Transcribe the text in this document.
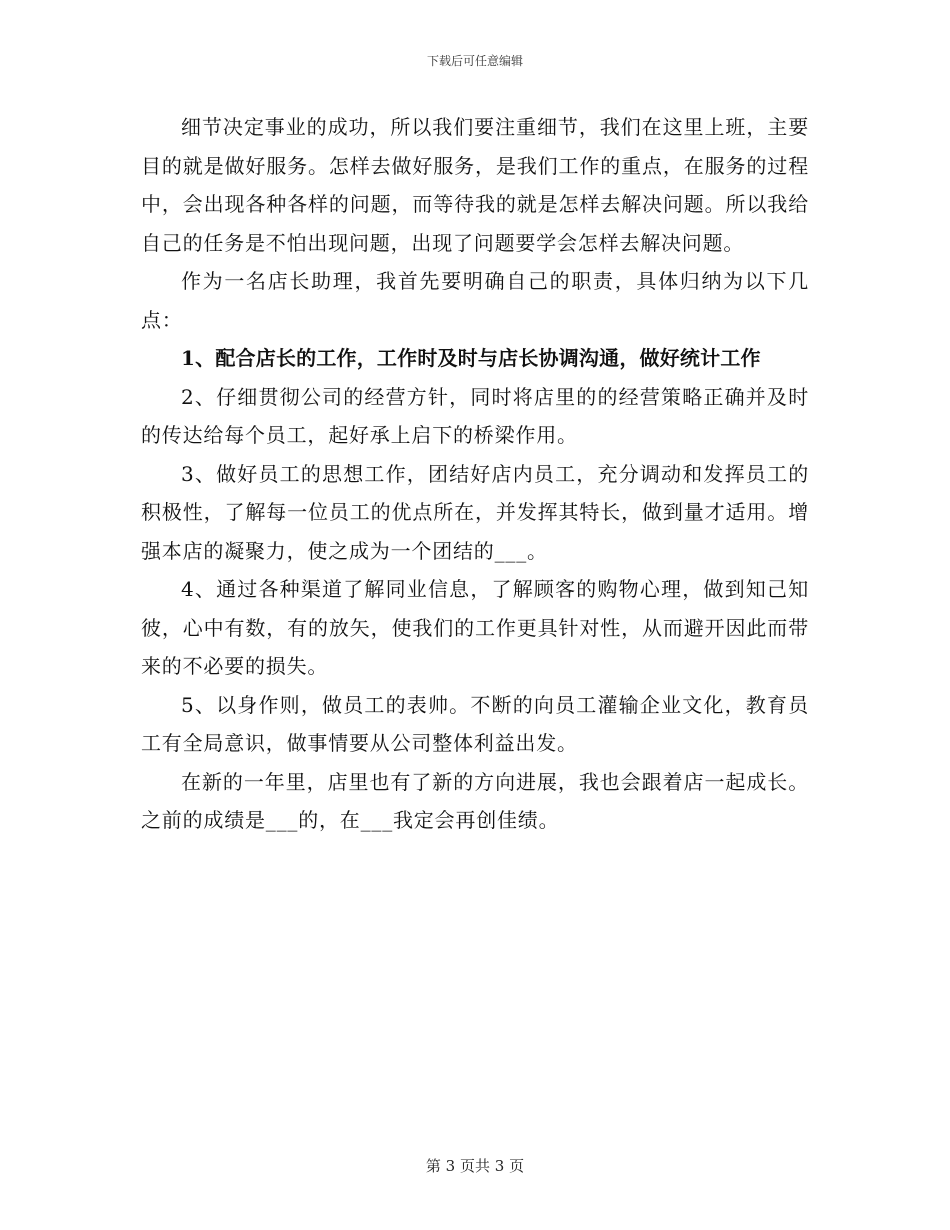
下载后可任意编辑

细节决定事业的成功，所以我们要注重细节，我们在这里上班，主要目的就是做好服务。怎样去做好服务，是我们工作的重点，在服务的过程中，会出现各种各样的问题，而等待我的就是怎样去解决问题。所以我给自己的任务是不怕出现问题，出现了问题要学会怎样去解决问题。

作为一名店长助理，我首先要明确自己的职责，具体归纳为以下几点：

1、配合店长的工作，工作时及时与店长协调沟通，做好统计工作

2、仔细贯彻公司的经营方针，同时将店里的的经营策略正确并及时的传达给每个员工，起好承上启下的桥梁作用。

3、做好员工的思想工作，团结好店内员工，充分调动和发挥员工的积极性，了解每一位员工的优点所在，并发挥其特长，做到量才适用。增强本店的凝聚力，使之成为一个团结的___。

4、通过各种渠道了解同业信息，了解顾客的购物心理，做到知己知彼，心中有数，有的放矢，使我们的工作更具针对性，从而避开因此而带来的不必要的损失。

5、以身作则，做员工的表帅。不断的向员工灌输企业文化，教育员工有全局意识，做事情要从公司整体利益出发。

在新的一年里，店里也有了新的方向进展，我也会跟着店一起成长。之前的成绩是___的，在___我定会再创佳绩。

第 3 页共 3 页
